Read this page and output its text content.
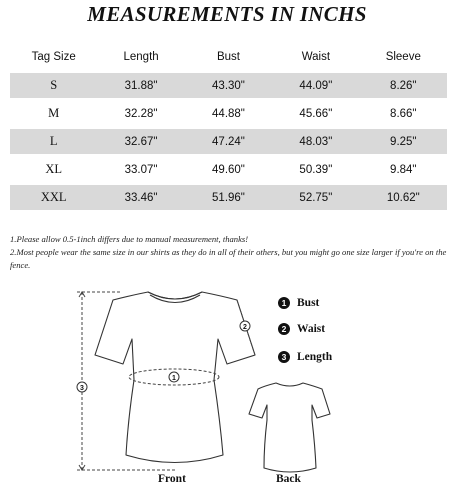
MEASUREMENTS IN INCHS
Tag Size	Length	Bust	Waist	Sleeve
S	31.88"	43.30"	44.09"	8.26"
M	32.28"	44.88"	45.66"	8.66"
L	32.67"	47.24"	48.03"	9.25"
XL	33.07"	49.60"	50.39"	9.84"
XXL	33.46"	51.96"	52.75"	10.62"

1.Please allow 0.5-1inch differs due to manual measurement, thanks!

2.Most people wear the same size in our shirts as they do in all of their others, but you might go one size larger if you're on the fence.

3
1
2
1 Bust
2 Waist
3 Length
Front	Back
